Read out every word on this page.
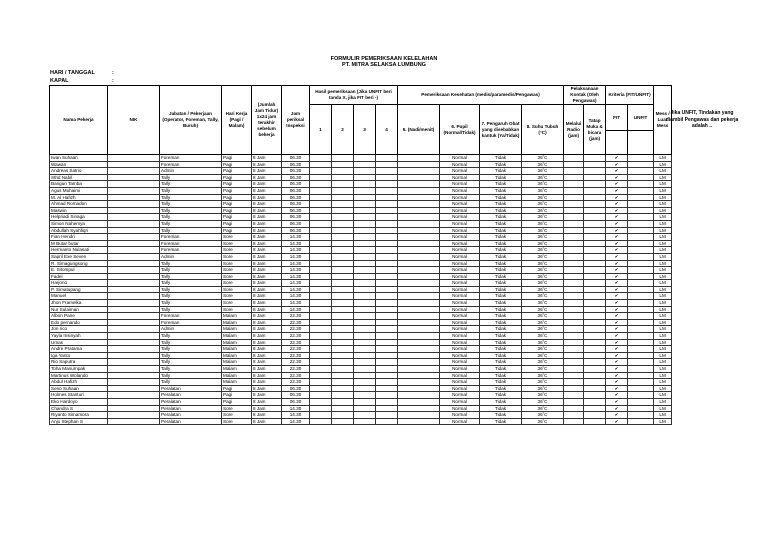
FORMULIR PEMERIKSAAN KELELAHAN
PT. MITRA SELAKSA LUMBUNG
HARI / TANGGAL	:
KAPAL	:
Nama Pekerja	NIK	Jabatan / Pekerjaan (Operator, Foreman, Tally, Buruh)	Hari Kerja (Pagi / Malam)	(Jumlah Jam Tidur) 1x24 jam terakhir sebelum bekerja	Jam periksa/ Inspeksi	Hasil pemeriksaan (Jika UNFIT beri tanda X, jika FIT beri -)				Pemeriksaan Kesehatan (medis/paramedis/Pengawas)				Pelaksanaan Kontak (Oleh Pengawas)		Kriteria (FIT/UNFIT)		Mess / Luar Mess
						1	2	3	4	5. (Nadi/menit)	6. Pupil (Normal/Tidak)	7. Pengaruh Obat yang disebabkan kantuk (Ya/Tidak)	8. Suhu Tubuh (°C)	Melalui Radio (jam)	Tatap Muka & bicara (jam)	FIT	UNFIT	

Iwan Suhaan		Foreman	Pagi	8 Jam	06.30						Normal	Tidak	36˚C			✔		LM
Wawan		Foreman	Pagi	8 Jam	06.30						Normal	Tidak	36˚C			✔		LM
Andreas Satrio		Admin	Pagi	8 Jam	06.30						Normal	Tidak	36˚C			✔		LM
Sthd Nabil		Tally	Pagi	8 Jam	06.30						Normal	Tidak	36˚C			✔		LM
Bangun Tamba		Tally	Pagi	8 Jam	06.30						Normal	Tidak	36˚C			✔		LM
Agus Muhaimi		Tally	Pagi	8 Jam	06.30						Normal	Tidak	36˚C			✔		LM
M. Al Hafizh		Tally	Pagi	8 Jam	06.30						Normal	Tidak	36˚C			✔		LM
Ahmad Romadon		Tally	Pagi	8 Jam	06.30						Normal	Tidak	36˚C			✔		LM
Maswin		Tally	Pagi	8 Jam	06.30						Normal	Tidak	36˚C			✔		LM
Helpriadi Sinaga		Tally	Pagi	8 Jam	06.30						Normal	Tidak	36˚C			✔		LM
Simon Nahemya		Tally	Pagi	8 Jam	06.30						Normal	Tidak	36˚C			✔		LM
Abdullah Syahfiqri		Tally	Pagi	8 Jam	06.30						Normal	Tidak	36˚C			✔		LM
Fian Hendri		Foreman	Sore	8 Jam	14.30						Normal	Tidak	36˚C			✔		LM
M Butar butar		Foreman	Sore	8 Jam	14.30						Normal	Tidak	36˚C			✔		LM
Hermanto Nulasati		Foreman	Sore	8 Jam	14.30						Normal	Tidak	36˚C			✔		LM
Sapril Exe Seven		Admin	Sore	8 Jam	14.30						Normal	Tidak	36˚C			✔		LM
R. Simagungsong		Tally	Sore	8 Jam	14.30						Normal	Tidak	36˚C			✔		LM
E. Sitompul		Tally	Sore	8 Jam	14.30						Normal	Tidak	36˚C			✔		LM
Fadel		Tally	Sore	8 Jam	14.30						Normal	Tidak	36˚C			✔		LM
Harjono		Tally	Sore	8 Jam	14.30						Normal	Tidak	36˚C			✔		LM
P. Simatupang		Tally	Sore	8 Jam	14.30						Normal	Tidak	36˚C			✔		LM
Manuel		Tally	Sore	8 Jam	14.30						Normal	Tidak	36˚C			✔		LM
Jhon Framelka		Tally	Sore	8 Jam	14.30						Normal	Tidak	36˚C			✔		LM
Nur Sulaiman		Tally	Sore	8 Jam	14.30						Normal	Tidak	36˚C			✔		LM
Albon Pane		Foreman	Malam	8 Jam	22.30						Normal	Tidak	36˚C			✔		LM
Edo pernando		Foreman	Malam	8 Jam	22.30						Normal	Tidak	36˚C			✔		LM
Jon rico		Admin	Malam	8 Jam	22.30						Normal	Tidak	36˚C			✔		LM
Yayla Insinyah		Tally	Malam	8 Jam	22.30						Normal	Tidak	36˚C			✔		LM
Umas		Tally	Malam	8 Jam	22.30						Normal	Tidak	36˚C			✔		LM
Andre Pratama		Tally	Malam	8 Jam	22.30						Normal	Tidak	36˚C			✔		LM
Iga Yanto		Tally	Malam	8 Jam	22.30						Normal	Tidak	36˚C			✔		LM
Rio Saputra		Tally	Malam	8 Jam	22.30						Normal	Tidak	36˚C			✔		LM
Toha Manurnpak		Tally	Malam	8 Jam	22.30						Normal	Tidak	36˚C			✔		LM
Martinus Wolando		Tally	Malam	8 Jam	22.30						Normal	Tidak	36˚C			✔		LM
Abdul Hafizh		Tally	Malam	8 Jam	22.30						Normal	Tidak	36˚C			✔		LM
Seno Suhaan		Peralatan	Pagi	8 Jam	06.30						Normal	Tidak	36˚C			✔		LM
Holmes Stanturi		Peralatan	Pagi	8 Jam	06.30						Normal	Tidak	36˚C			✔		LM
Eko Hardoyo		Peralatan	Pagi	8 Jam	06.30						Normal	Tidak	36˚C			✔		LM
Chandra S		Peralatan	Sore	8 Jam	14.30						Normal	Tidak	36˚C			✔		LM
Riyanto Simamora		Peralatan	Sore	8 Jam	14.30						Normal	Tidak	36˚C			✔		LM
Anju Stephan S		Peralatan	Sore	8 Jam	14.30						Normal	Tidak	36˚C			✔		LM
Jika UNFIT, Tindakan yang diambil Pengawas dan pekerja adalah ..
